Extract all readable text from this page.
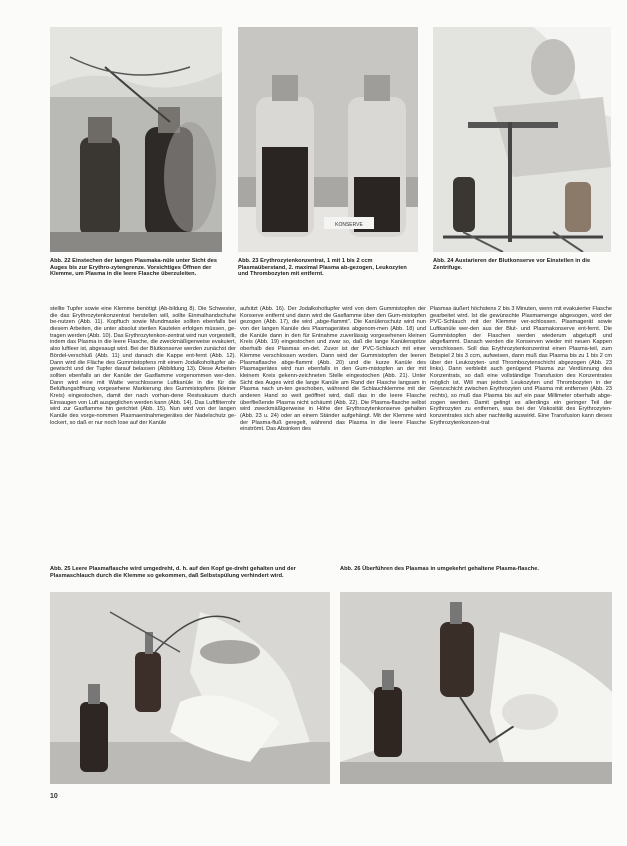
KONSERVE
Abb. 22 Einstechen der langen Plasmaka-nüle unter Sicht des Auges bis zur Erythro-zytengrenze. Vorsichtiges Öffnen der Klemme, um Plasma in die leere Flasche überzuleiten.
Abb. 23 Erythrozytenkonzentrat, 1 mit 1 bis 2 ccm Plasmaüberstand, 2. maximal Plasma ab-gezogen, Leukozyten und Thrombozyten mit entfernt.
Abb. 24 Austarieren der Blutkonserve vor Einstellen in die Zentrifuge.
stellte Tupfer sowie eine Klemme benötigt (Ab-bildung 8). Die Schwester, die das Erythrozytenkonzentrat herstellen will, sollte Einmalhandschuhe be-nutzen (Abb. 11). Kopftuch sowie Mundmaske sollten ebenfalls bei diesem Arbeiten, die unter absolut sterilen Kautelen erfolgen müssen, ge-tragen werden (Abb. 10). Das Erythrozytenkon-zentrat wird nun vorgestellt, indem das Plasma in die leere Flasche, die zweckmäßigerweise evakuiert, also luftleer ist, abgesaugt wird. Bei der Blutkonserve werden zunächst der Bördel-verschluß (Abb. 11) und danach die Kappe ent-fernt (Abb. 12). Dann wird die Fläche des Gummistopfens mit einem Jodalkoholtupfer ab-gewischt und der Tupfer darauf belassen (Abbildung 13). Diese Arbeiten sollten ebenfalls an der Kanüle der Gasflamme vorgenommen wer-den. Dann wird eine mit Watte verschlossene Luftkanüle in die für die Belüftungsöffnung vorgesehene Markierung des Gummistopfens (kleiner Kreis) eingestochen, damit der nach vorhan-dene Restvakuum durch Einsaugen von Luft ausgeglichen werden kann (Abb. 14). Das Luftfilterrohr wird zur Gasflamme hin gerichtet (Abb. 15). Nun wird von der langen Kanüle des vorge-nommen Plasmaentnahmegerätes der Nadelschutz ge-lockert, so daß er nur noch lose auf der Kanüle
aufsitzt (Abb. 16). Der Jodalkoholtupfer wird von dem Gummistopfen der Konserve entfernt und dann wird die Gasflamme über den Gum-mistopfen gezogen (Abb. 17), die wird „abge-flammt". Die Kanülenschutz wird nun von der langen Kanüle des Plasmagerätes abgenom-men (Abb. 18) und die Kanüle dann in den für Entnahme zuverlässig vorgesehenen kleinen Kreis (Abb. 19) eingestochen und zwar so, daß die lange Kanülenspitze oberhalb des Plasmas en-det. Zuvor ist der PVC-Schlauch mit einer Klemme verschlossen worden. Dann wird der Gummistopfen der leeren Plasmaflasche abge-flammt (Abb. 20) und die kurze Kanüle des Plasmagerätes wird nun ebenfalls in den Gum-mistopfen an der mit kleinem Kreis gekenn-zeichneten Stelle eingestochen (Abb. 21). Unter Sicht des Auges wird die lange Kanüle am Rand der Flasche langsam in Plasma nach un-ten geschoben, während die Schlauchklemme mit der anderen Hand so weit geöffnet wird, daß das in die leere Flasche überfließende Plasma nicht schäumt (Abb. 22). Die Plasma-flasche selbst wird zweckmäßigerweise in Höhe der Erythrozytenkonserve gehalten (Abb. 23 u. 24) oder an einem Ständer aufgehängt. Mit der Klemme wird der Plasma-fluß geregelt, während das Plasma in die leere Flasche einströmt. Das Absinken des
Plasmas äußert höchstens 2 bis 3 Minuten, wenn mit evakuierter Flasche gearbeitet wird. Ist die gewünschte Plasmamenge abgesogen, wird der PVC-Schlauch mit der Klemme ver-schlossen. Plasmagerät sowie Luftkanüle wer-den aus der Blut- und Plasmakonserve ent-fernt. Die Gummistopfen der Flaschen werden wiederum abgetupft und abgeflammt. Danach werden die Konserven wieder mit neuen Kappen verschlossen. Soll das Erythrozytenkonzentrat einen Plasma-teil, zum Beispiel 2 bis 3 ccm, aufweisen, dann muß das Plasma bis zu 1 bis 2 cm über der Leukozyten- und Thrombozytenschicht abgezogen (Abb. 23 links). Dann verbleibt auch genügend Plasma zur Verdünnung des Konzentrats, so daß eine vollständige Transfusion des Konzentrates möglich ist. Will man jedoch Leukozyten und Thrombozyten in der Grenzschicht zwischen Erythrozyten und Plasma mit entfernen (Abb. 23 rechts), so muß das Plasma bis auf ein paar Millimeter oberhalb abge-zogen werden. Damit gelingt es allerdings ein geringer Teil der Erythrozyten zu entfernen, was bei der Viskosität des Erythrozyten-konzentrates sich aber nachteilig auswirkt. Eine Transfusion kann dieses Erythrozytenkonzen-trat
Abb. 25 Leere Plasmaflasche wird umgedreht, d. h. auf den Kopf ge-dreht gehalten und der Plasmaschlauch durch die Klemme so gekommen, daß Selbstspülung verhindert wird.
Abb. 26 Überführen des Plasmas in umgekehrt gehaltene Plasma-flasche.
10
